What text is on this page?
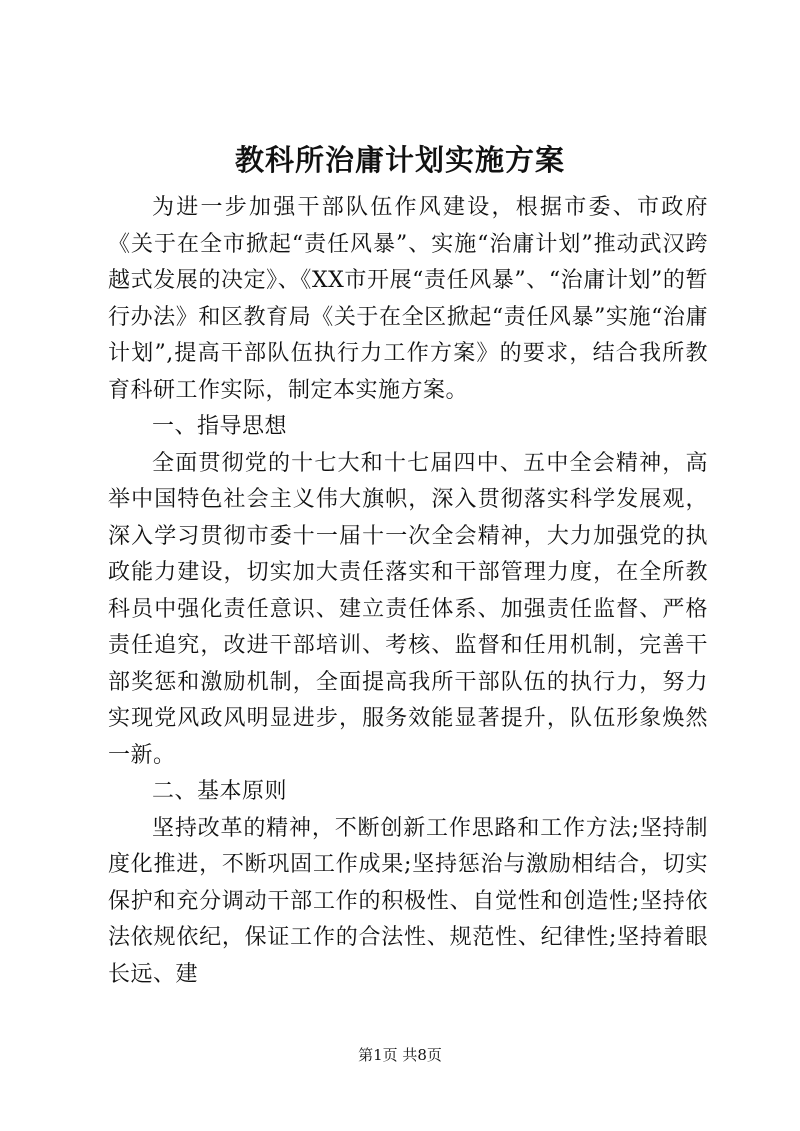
教科所治庸计划实施方案

为进一步加强干部队伍作风建设，根据市委、市政府《关于在全市掀起“责任风暴”、实施“治庸计划”推动武汉跨越式发展的决定》、《XX市开展“责任风暴”、“治庸计划”的暂行办法》和区教育局《关于在全区掀起“责任风暴”实施“治庸计划”,提高干部队伍执行力工作方案》的要求，结合我所教育科研工作实际，制定本实施方案。

一、指导思想

全面贯彻党的十七大和十七届四中、五中全会精神，高举中国特色社会主义伟大旗帜，深入贯彻落实科学发展观，深入学习贯彻市委十一届十一次全会精神，大力加强党的执政能力建设，切实加大责任落实和干部管理力度，在全所教科员中强化责任意识、建立责任体系、加强责任监督、严格责任追究，改进干部培训、考核、监督和任用机制，完善干部奖惩和激励机制，全面提高我所干部队伍的执行力，努力实现党风政风明显进步，服务效能显著提升，队伍形象焕然一新。

二、基本原则

坚持改革的精神，不断创新工作思路和工作方法;坚持制度化推进，不断巩固工作成果;坚持惩治与激励相结合，切实保护和充分调动干部工作的积极性、自觉性和创造性;坚持依法依规依纪，保证工作的合法性、规范性、纪律性;坚持着眼长远、建

第1页 共8页
